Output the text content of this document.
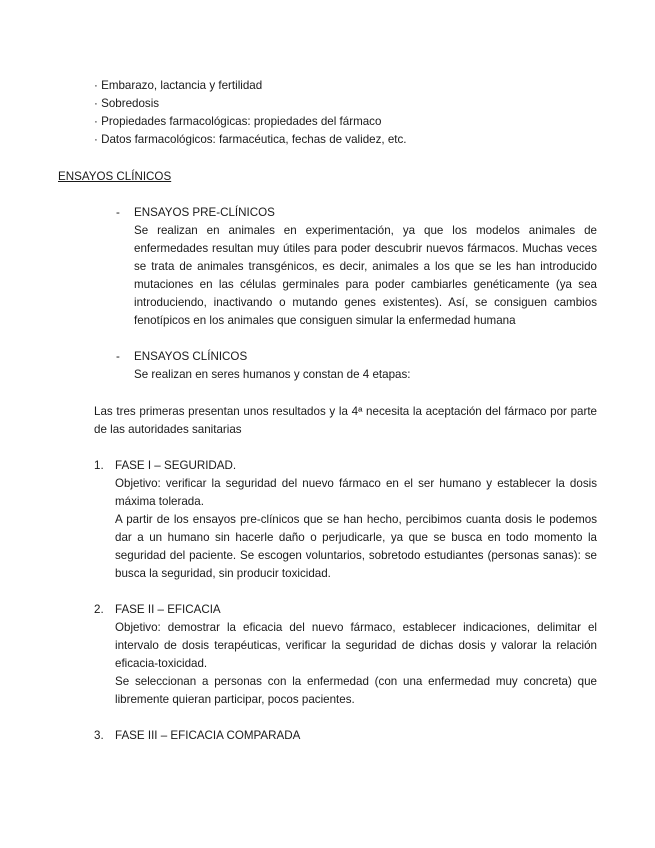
· Embarazo, lactancia y fertilidad
· Sobredosis
· Propiedades farmacológicas: propiedades del fármaco
· Datos farmacológicos: farmacéutica, fechas de validez, etc.
ENSAYOS CLÍNICOS
- ENSAYOS PRE-CLÍNICOS
Se realizan en animales en experimentación, ya que los modelos animales de
enfermedades resultan muy útiles para poder descubrir nuevos fármacos. Muchas veces
se trata de animales transgénicos, es decir, animales a los que se les han introducido
mutaciones en las células germinales para poder cambiarles genéticamente (ya sea
introduciendo, inactivando o mutando genes existentes). Así, se consiguen cambios
fenotípicos en los animales que consiguen simular la enfermedad humana
- ENSAYOS CLÍNICOS
Se realizan en seres humanos y constan de 4 etapas:
Las tres primeras presentan unos resultados y la 4ª necesita la aceptación del fármaco por parte
de las autoridades sanitarias
1. FASE I – SEGURIDAD.
Objetivo: verificar la seguridad del nuevo fármaco en el ser humano y establecer la dosis
máxima tolerada.
A partir de los ensayos pre-clínicos que se han hecho, percibimos cuanta dosis le podemos
dar a un humano sin hacerle daño o perjudicarle, ya que se busca en todo momento la
seguridad del paciente. Se escogen voluntarios, sobretodo estudiantes (personas sanas): se
busca la seguridad, sin producir toxicidad.
2. FASE II – EFICACIA
Objetivo: demostrar la eficacia del nuevo fármaco, establecer indicaciones, delimitar el
intervalo de dosis terapéuticas, verificar la seguridad de dichas dosis y valorar la relación
eficacia-toxicidad.
Se seleccionan a personas con la enfermedad (con una enfermedad muy concreta) que
libremente quieran participar, pocos pacientes.
3. FASE III – EFICACIA COMPARADA
